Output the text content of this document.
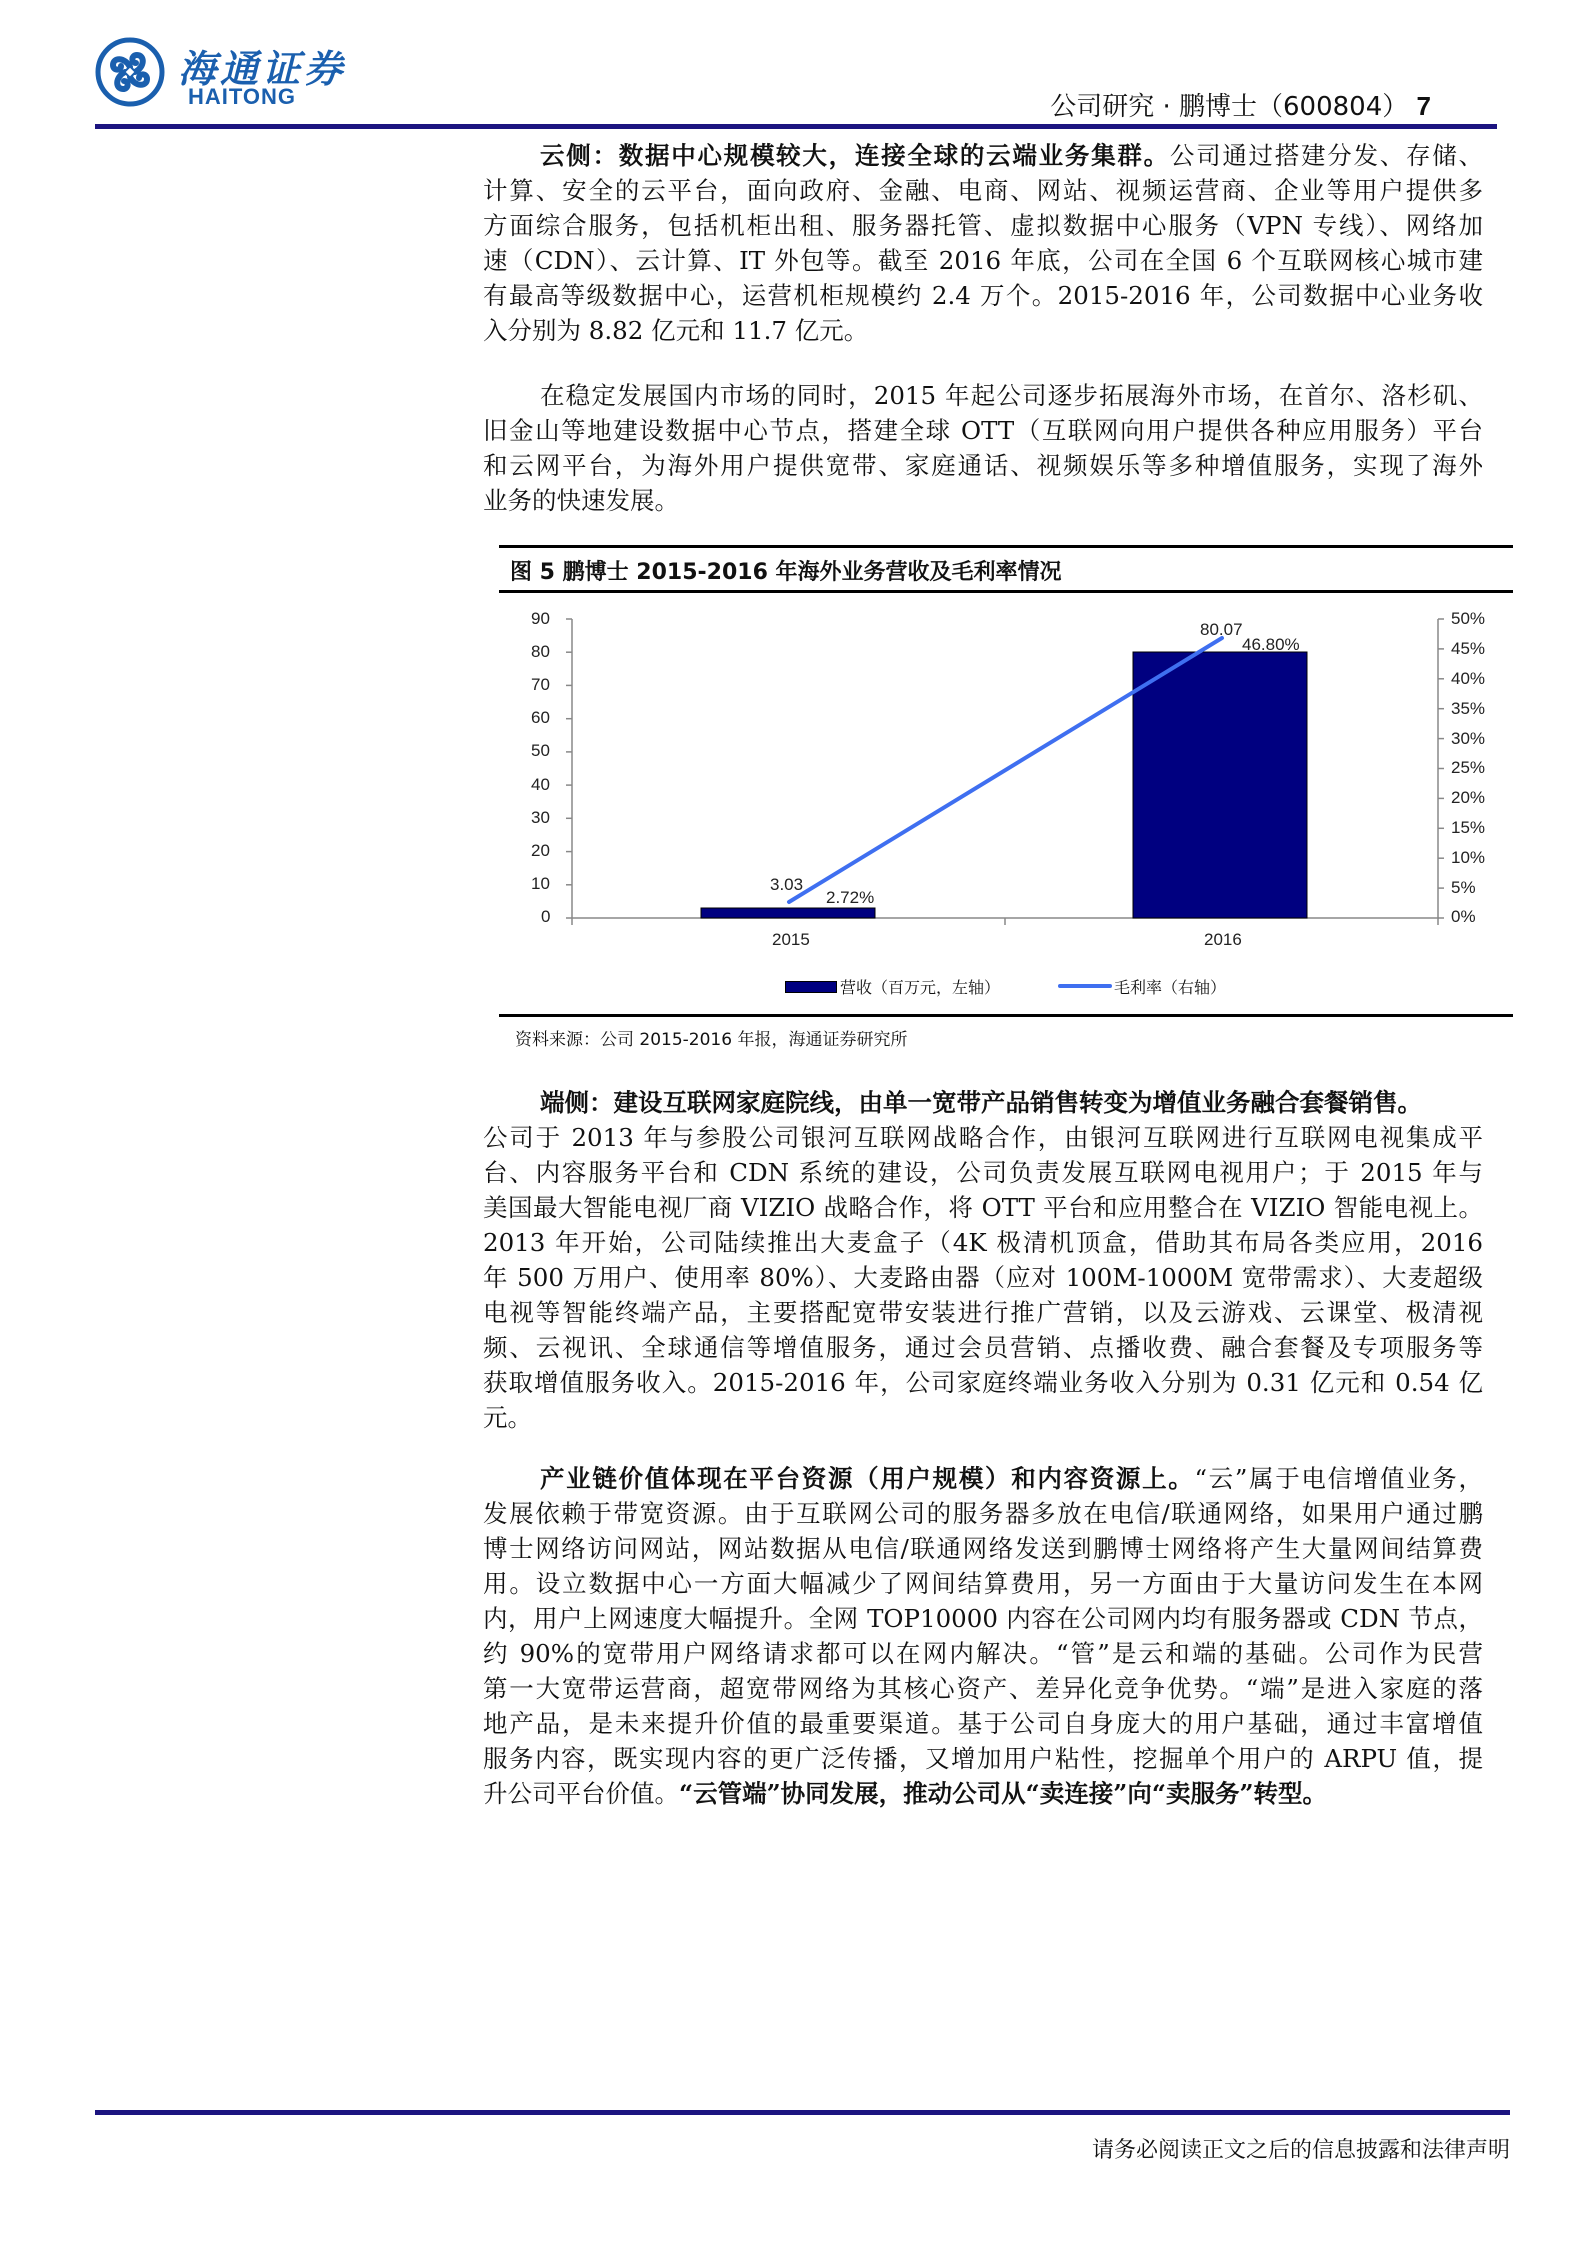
海通证券
HAITONG	公司研究 · 鹏博士（600804） 7
云侧：数据中心规模较大，连接全球的云端业务集群。公司通过搭建分发、存储、
计算、安全的云平台，面向政府、金融、电商、网站、视频运营商、企业等用户提供多
方面综合服务，包括机柜出租、服务器托管、虚拟数据中心服务（VPN 专线）、网络加
速（CDN）、云计算、IT 外包等。截至 2016 年底，公司在全国 6 个互联网核心城市建
有最高等级数据中心，运营机柜规模约 2.4 万个。2015-2016 年，公司数据中心业务收
入分别为 8.82 亿元和 11.7 亿元。
在稳定发展国内市场的同时，2015 年起公司逐步拓展海外市场，在首尔、洛杉矶、
旧金山等地建设数据中心节点，搭建全球 OTT（互联网向用户提供各种应用服务）平台
和云网平台，为海外用户提供宽带、家庭通话、视频娱乐等多种增值服务，实现了海外
业务的快速发展。
图 5 鹏博士 2015-2016 年海外业务营收及毛利率情况
90
80
70
60
50
40
30
20
10
0
50%
45%
40%
35%
30%
25%
20%
15%
10%
5%
0%
3.03
2.72%
80.07
46.80%
2015	2016
营收（百万元，左轴）	毛利率（右轴）
资料来源：公司 2015-2016 年报，海通证券研究所
端侧：建设互联网家庭院线，由单一宽带产品销售转变为增值业务融合套餐销售。
公司于 2013 年与参股公司银河互联网战略合作，由银河互联网进行互联网电视集成平
台、内容服务平台和 CDN 系统的建设，公司负责发展互联网电视用户；于 2015 年与
美国最大智能电视厂商 VIZIO 战略合作，将 OTT 平台和应用整合在 VIZIO 智能电视上。
2013 年开始，公司陆续推出大麦盒子（4K 极清机顶盒，借助其布局各类应用，2016
年 500 万用户、使用率 80%）、大麦路由器（应对 100M-1000M 宽带需求）、大麦超级
电视等智能终端产品，主要搭配宽带安装进行推广营销，以及云游戏、云课堂、极清视
频、云视讯、全球通信等增值服务，通过会员营销、点播收费、融合套餐及专项服务等
获取增值服务收入。2015-2016 年，公司家庭终端业务收入分别为 0.31 亿元和 0.54 亿
元。
产业链价值体现在平台资源（用户规模）和内容资源上。“云”属于电信增值业务，
发展依赖于带宽资源。由于互联网公司的服务器多放在电信/联通网络，如果用户通过鹏
博士网络访问网站，网站数据从电信/联通网络发送到鹏博士网络将产生大量网间结算费
用。设立数据中心一方面大幅减少了网间结算费用，另一方面由于大量访问发生在本网
内，用户上网速度大幅提升。全网 TOP10000 内容在公司网内均有服务器或 CDN 节点，
约 90%的宽带用户网络请求都可以在网内解决。“管”是云和端的基础。公司作为民营
第一大宽带运营商，超宽带网络为其核心资产、差异化竞争优势。“端”是进入家庭的落
地产品，是未来提升价值的最重要渠道。基于公司自身庞大的用户基础，通过丰富增值
服务内容，既实现内容的更广泛传播，又增加用户粘性，挖掘单个用户的 ARPU 值，提
升公司平台价值。“云管端”协同发展，推动公司从“卖连接”向“卖服务”转型。
请务必阅读正文之后的信息披露和法律声明
